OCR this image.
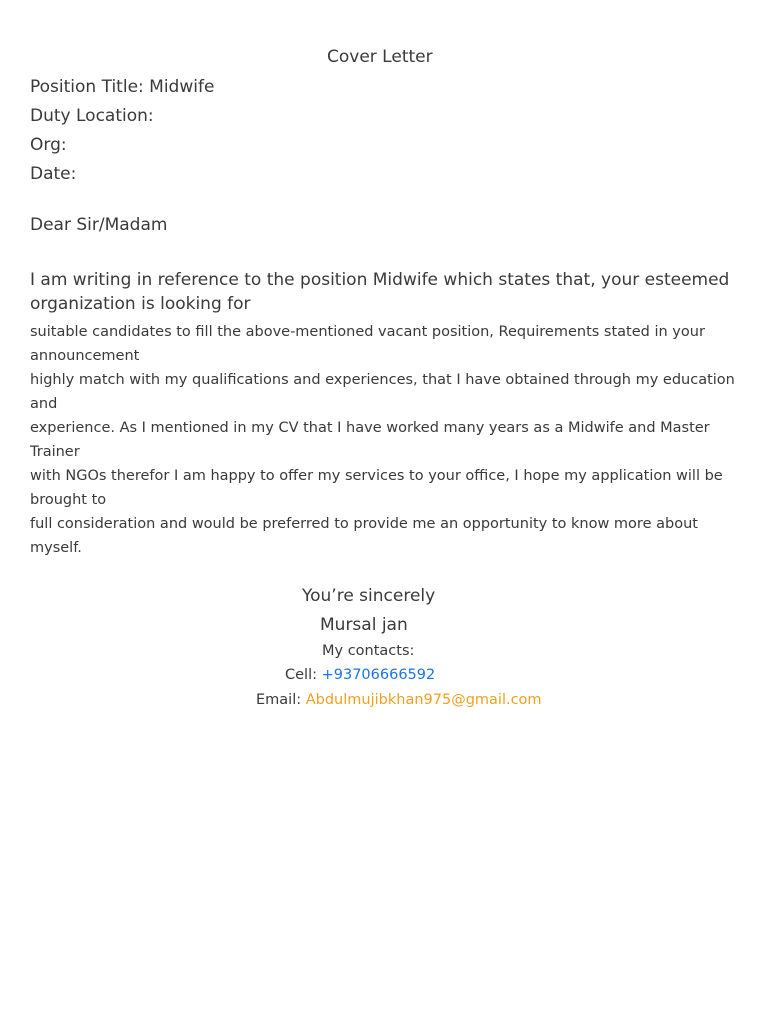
Cover Letter
Position Title: Midwife
Duty Location:
Org:
Date:
Dear Sir/Madam
I am writing in reference to the position Midwife which states that, your esteemed organization is looking for
suitable candidates to fill the above-mentioned vacant position, Requirements stated in your announcement
highly match with my qualifications and experiences, that I have obtained through my education and
experience. As I mentioned in my CV that I have worked many years as a Midwife and Master Trainer
with NGOs therefor I am happy to offer my services to your office, I hope my application will be brought to
full consideration and would be preferred to provide me an opportunity to know more about myself.
You’re sincerely
Mursal jan
My contacts:
Cell: +93706666592
Email: Abdulmujibkhan975@gmail.com
